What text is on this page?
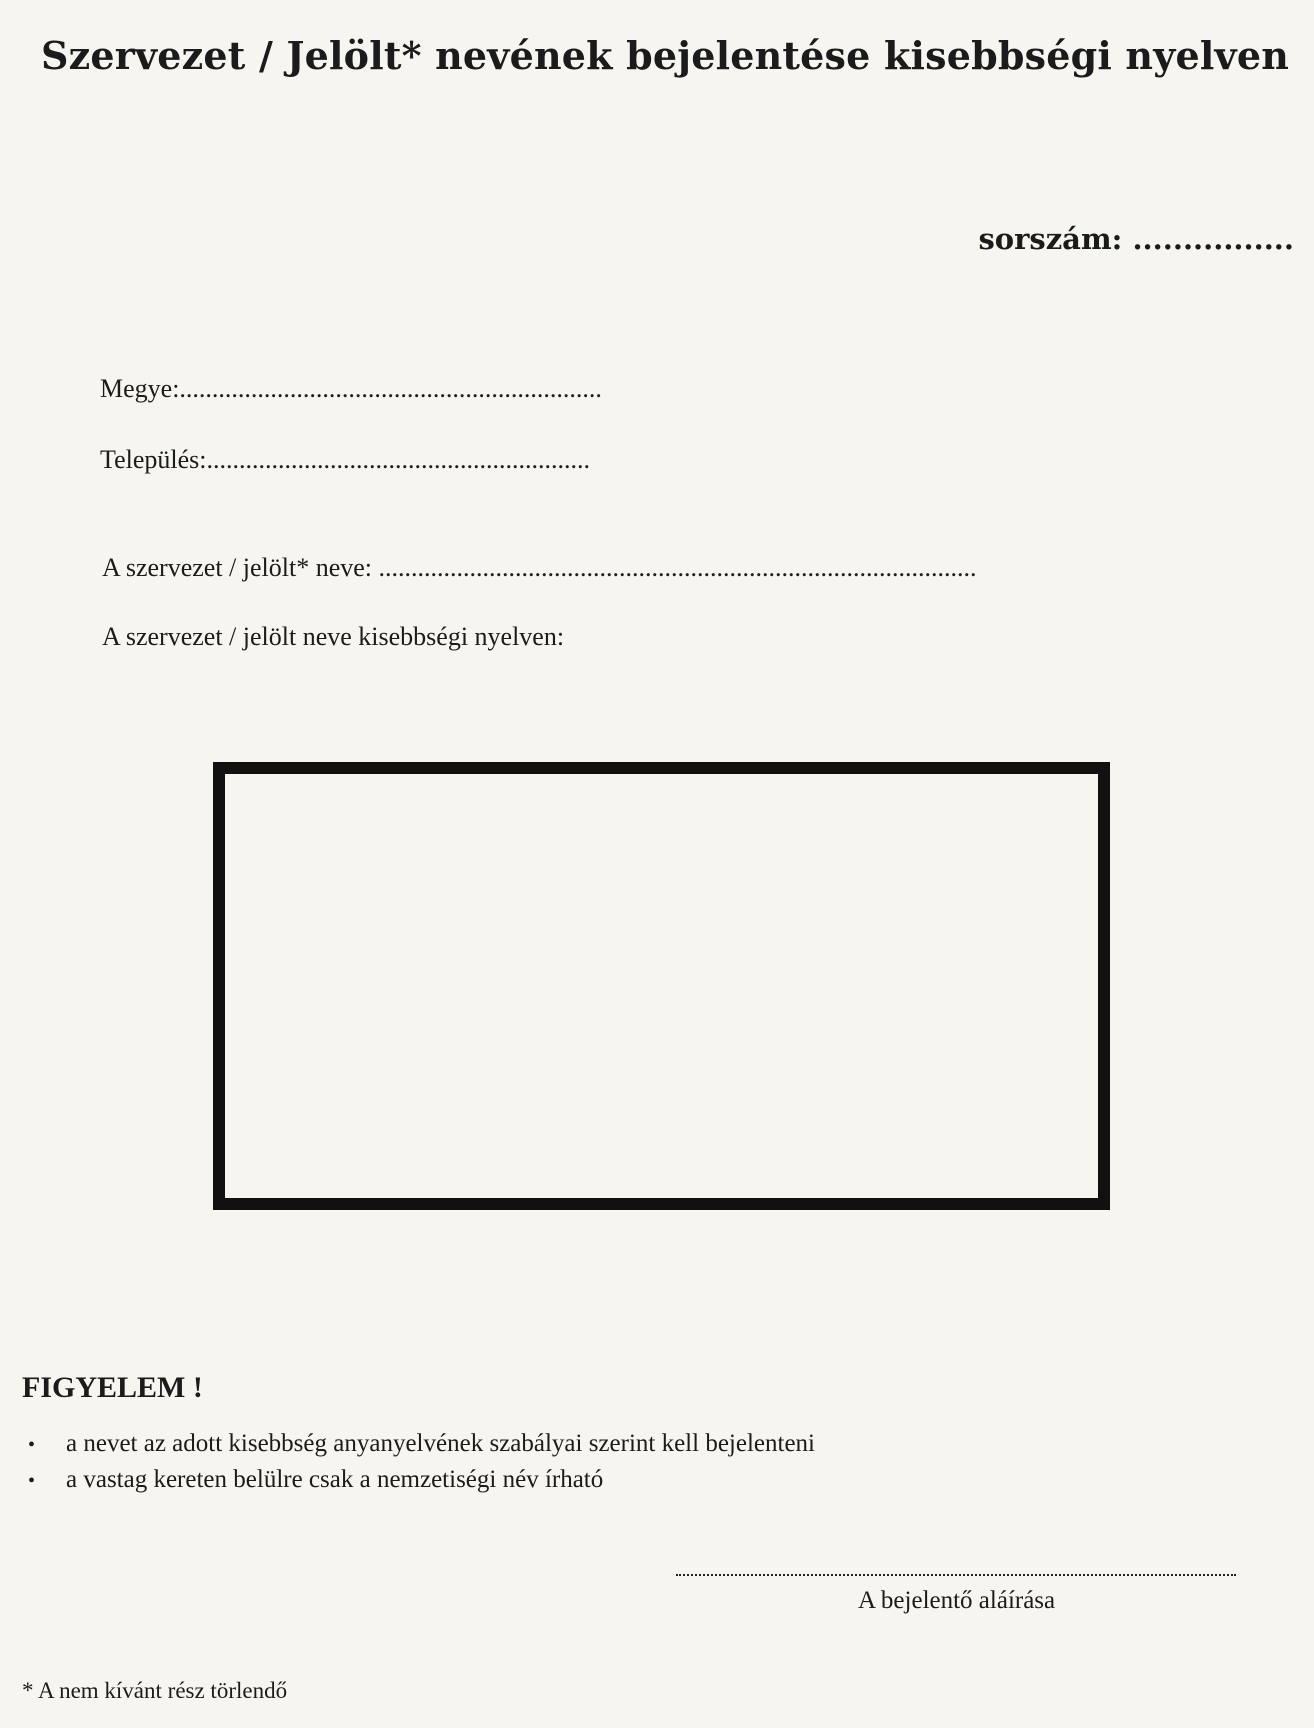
Szervezet / Jelölt* nevének bejelentése kisebbségi nyelven
sorszám: ................
Megye:.................................................................
Település:...........................................................
A szervezet / jelölt* neve: ............................................................................................
A szervezet / jelölt neve kisebbségi nyelven:
FIGYELEM !
• a nevet az adott kisebbség anyanyelvének szabályai szerint kell bejelenteni
• a vastag kereten belülre csak a nemzetiségi név írható
A bejelentő aláírása
* A nem kívánt rész törlendő
